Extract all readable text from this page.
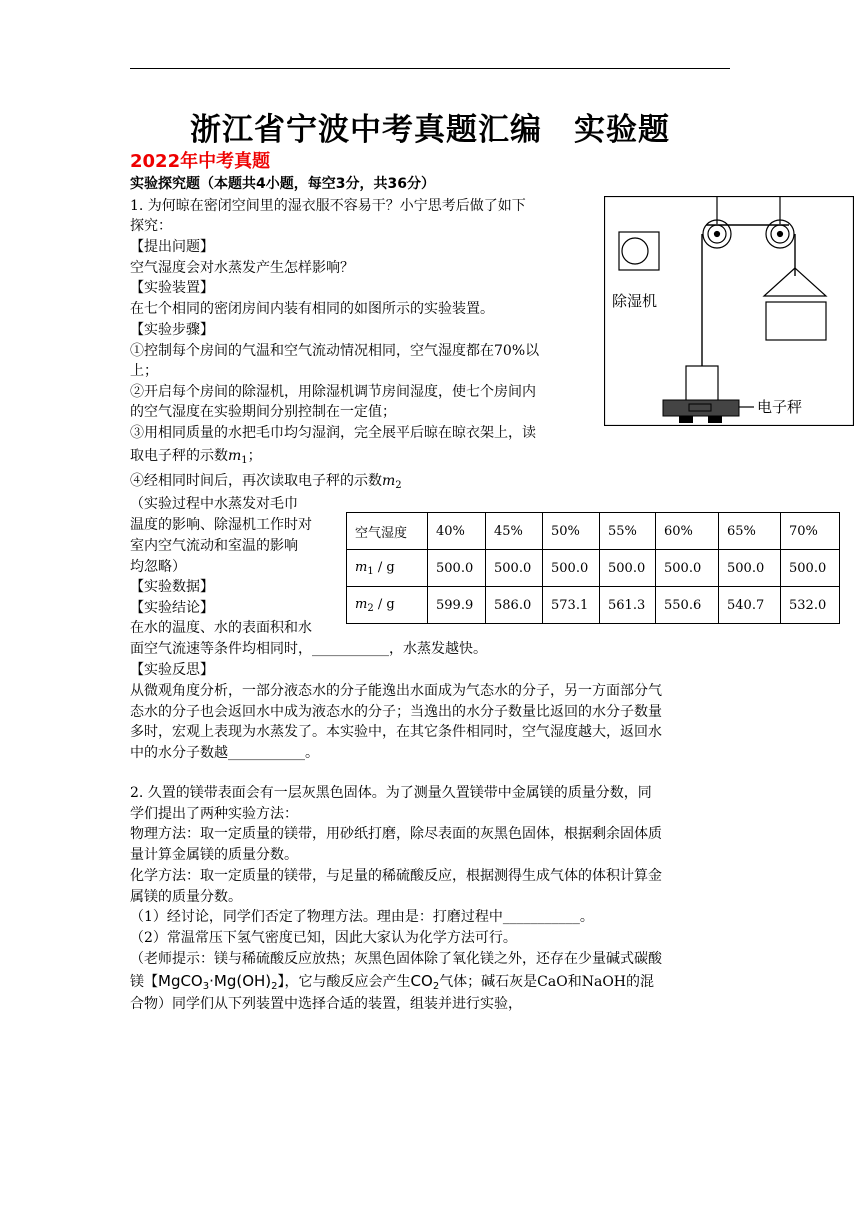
浙江省宁波中考真题汇编　实验题
2022年中考真题
实验探究题（本题共4小题，每空3分，共36分）
1. 为何晾在密闭空间里的湿衣服不容易干？小宁思考后做了如下
探究：
【提出问题】
空气湿度会对水蒸发产生怎样影响？
【实验装置】
在七个相同的密闭房间内装有相同的如图所示的实验装置。
【实验步骤】
①控制每个房间的气温和空气流动情况相同，空气湿度都在70%以
上；
②开启每个房间的除湿机，用除湿机调节房间湿度，使七个房间内
的空气湿度在实验期间分别控制在一定值；
③用相同质量的水把毛巾均匀湿润，完全展平后晾在晾衣架上，读
取电子秤的示数$m_1$；
④经相同时间后，再次读取电子秤的示数$m_2$
（实验过程中水蒸发对毛巾
温度的影响、除湿机工作时对
室内空气流动和室温的影响
均忽略）
【实验数据】
【实验结论】
在水的温度、水的表面积和水
面空气流速等条件均相同时，___________，水蒸发越快。
【实验反思】
从微观角度分析，一部分液态水的分子能逸出水面成为气态水的分子，另一方面部分气
态水的分子也会返回水中成为液态水的分子；当逸出的水分子数量比返回的水分子数量
多时，宏观上表现为水蒸发了。本实验中，在其它条件相同时，空气湿度越大，返回水
中的水分子数越___________。
除湿机
电子秤
空气湿度	40%	45%	50%	55%	60%	65%	70%
$m_1$ / g	500.0	500.0	500.0	500.0	500.0	500.0	500.0
$m_2$ / g	599.9	586.0	573.1	561.3	550.6	540.7	532.0
2. 久置的镁带表面会有一层灰黑色固体。为了测量久置镁带中金属镁的质量分数，同
学们提出了两种实验方法：
物理方法：取一定质量的镁带，用砂纸打磨，除尽表面的灰黑色固体，根据剩余固体质
量计算金属镁的质量分数。
化学方法：取一定质量的镁带，与足量的稀硫酸反应，根据测得生成气体的体积计算金
属镁的质量分数。
（1）经讨论，同学们否定了物理方法。理由是：打磨过程中___________。
（2）常温常压下氢气密度已知，因此大家认为化学方法可行。
（老师提示：镁与稀硫酸反应放热；灰黑色固体除了氧化镁之外，还存在少量碱式碳酸
镁【$MgCO_3\cdot Mg(OH)_2$】，它与酸反应会产生$CO_2$气体；碱石灰是CaO和NaOH的混
合物）同学们从下列装置中选择合适的装置，组装并进行实验，
